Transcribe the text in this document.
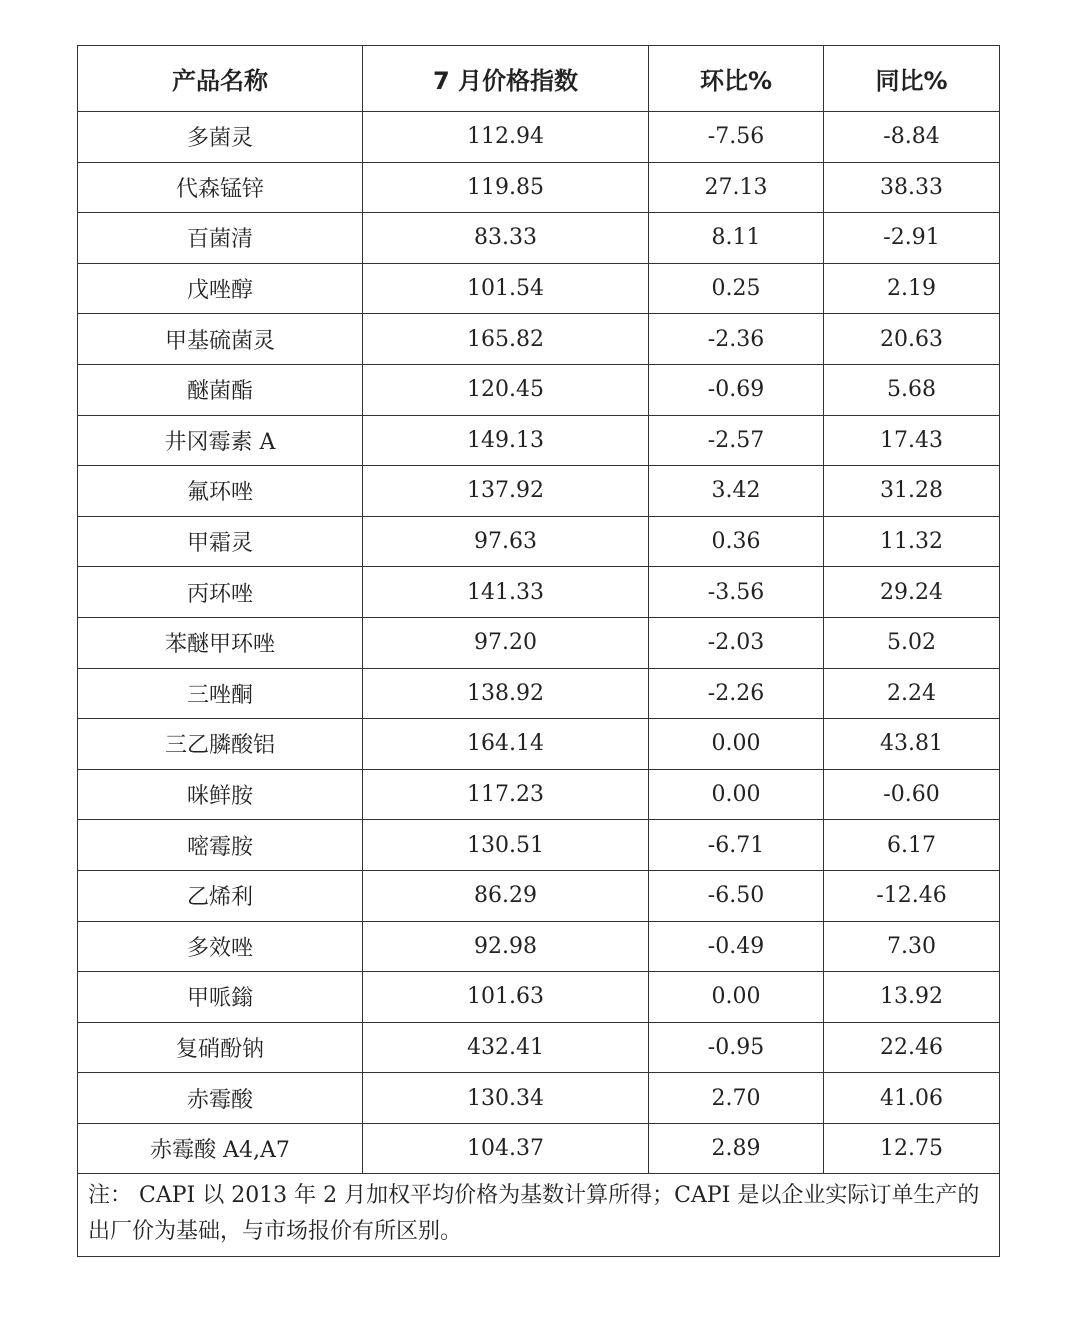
产品名称	7 月价格指数	环比%	同比%
多菌灵	112.94	-7.56	-8.84
代森锰锌	119.85	27.13	38.33
百菌清	83.33	8.11	-2.91
戊唑醇	101.54	0.25	2.19
甲基硫菌灵	165.82	-2.36	20.63
醚菌酯	120.45	-0.69	5.68
井冈霉素 A	149.13	-2.57	17.43
氟环唑	137.92	3.42	31.28
甲霜灵	97.63	0.36	11.32
丙环唑	141.33	-3.56	29.24
苯醚甲环唑	97.20	-2.03	5.02
三唑酮	138.92	-2.26	2.24
三乙膦酸铝	164.14	0.00	43.81
咪鲜胺	117.23	0.00	-0.60
嘧霉胺	130.51	-6.71	6.17
乙烯利	86.29	-6.50	-12.46
多效唑	92.98	-0.49	7.30
甲哌鎓	101.63	0.00	13.92
复硝酚钠	432.41	-0.95	22.46
赤霉酸	130.34	2.70	41.06
赤霉酸 A4,A7	104.37	2.89	12.75
注： CAPI 以 2013 年 2 月加权平均价格为基数计算所得；CAPI 是以企业实际订单生产的出厂价为基础，与市场报价有所区别。			
